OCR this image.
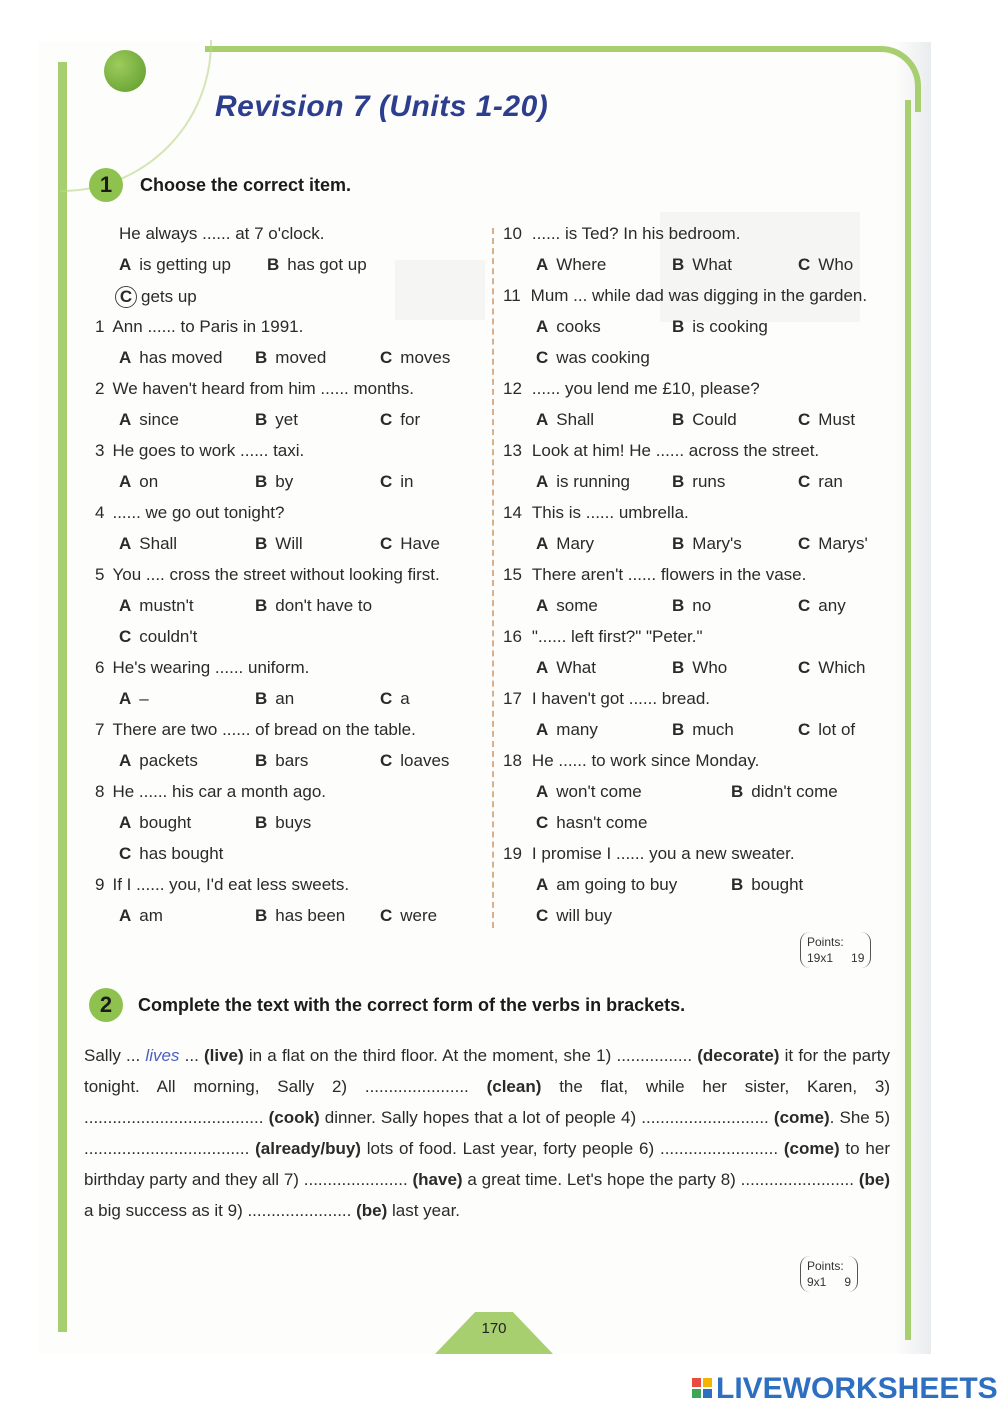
Revision 7 (Units 1-20)
1	Choose the correct item.
He always ...... at 7 o'clock.
A is getting up B has got up
C gets up
1 Ann ...... to Paris in 1991.
A has moved B moved	C moves
2 We haven't heard from him ...... months.
A since	B yet	C for
3 He goes to work ...... taxi.
A on	B by	C in
4 ...... we go out tonight?
A Shall	B Will	C Have
5 You .... cross the street without looking first.
A mustn't	B don't have to
C couldn't
6 He's wearing ...... uniform.
A –	B an	C a
7 There are two ...... of bread on the table.
A packets	B bars	C loaves
8 He ...... his car a month ago.
A bought	B buys
C has bought
9 If I ...... you, I'd eat less sweets.
A am	B has been C were
10 ...... is Ted? In his bedroom.
A Where	B What	C Who
11 Mum ... while dad was digging in the garden.
A cooks	B is cooking
C was cooking
12 ...... you lend me £10, please?
A Shall	B Could	C Must
13 Look at him! He ...... across the street.
A is running B runs	C ran
14 This is ...... umbrella.
A Mary	B Mary's	C Marys'
15 There aren't ...... flowers in the vase.
A some	B no	C any
16 "...... left first?" "Peter."
A What	B Who	C Which
17 I haven't got ...... bread.
A many	B much	C lot of
18 He ...... to work since Monday.
A won't come	B didn't come
C hasn't come
19 I promise I ...... you a new sweater.
A am going to buy	B bought
C will buy
Points:
19x1 19
2	Complete the text with the correct form of the verbs in brackets.
Sally ... lives ... (live) in a flat on the third floor. At the moment, she 1) ................ (decorate) it for the party tonight. All morning, Sally 2) ...................... (clean) the flat, while her sister, Karen, 3) ...................................... (cook) dinner. Sally hopes that a lot of people 4) ........................... (come). She 5) ................................... (already/buy) lots of food. Last year, forty people 6) ......................... (come) to her birthday party and they all 7) ...................... (have) a great time. Let's hope the party 8) ........................ (be) a big success as it 9) ...................... (be) last year.
Points:
9x1 9
170
LIVEWORKSHEETS
